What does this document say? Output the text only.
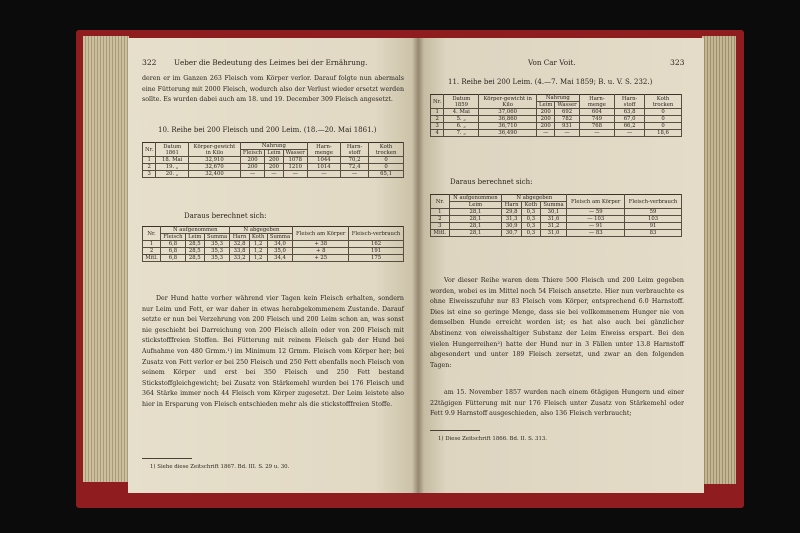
322 Ueber die Bedeutung des Leimes bei der Ernährung.

deren er im Ganzen 263 Fleisch vom Körper verlor. Darauf folgte nun abermals eine Fütterung mit 2000 Fleisch, wodurch also der Verlust wieder ersetzt werden sollte. Es wurden dabei auch am 18. und 19. December 309 Fleisch angesetzt.

10. Reihe bei 200 Fleisch und 200 Leim. (18.—20. Mai 1861.)

Nr.	Datum 1861	Körper-gewicht in Kilo	Nahrung			Harn-menge	Harn-stoff	Koth trocken
			Fleisch	Leim	Wasser			
1	18. Mai	32,910	200	200	1078	1044	70,2	0
2	19. „	32,670	200	200	1210	1014	72,4	0
3	20. „	32,400	—	—	—	—	—	65,1

Daraus berechnet sich:

Nr.	N aufgenommen			N abgegeben			Fleisch am Körper	Fleisch-verbrauch
	Fleisch	Leim	Summa	Harn	Koth	Summa		
1	6,8	28,5	35,3	32,8	1,2	34,0	+ 38	162
2	6,8	28,5	35,3	33,8	1,2	35,0	+ 8	191
Mitl.	6,8	28,5	35,3	33,2	1,2	34,4	+ 25	175

Der Hund hatte vorher während vier Tagen kein Fleisch erhalten, sondern nur Leim und Fett, er war daher in etwas herabgekommenem Zustande. Darauf setzte er nun bei Verzehrung von 200 Fleisch und 200 Leim schon an, was sonst nie geschieht bei Darreichung von 200 Fleisch allein oder von 200 Fleisch mit stickstofffreien Stoffen. Bei Fütterung mit reinem Fleisch gab der Hund bei Aufnahme von 480 Grmm.¹) im Minimum 12 Grmm. Fleisch vom Körper her; bei Zusatz von Fett verlor er bei 250 Fleisch und 250 Fett ebenfalls noch Fleisch von seinem Körper und erst bei 350 Fleisch und 250 Fett bestand Stickstoffgleichgewicht; bei Zusatz von Stärkemehl wurden bei 176 Fleisch und 364 Stärke immer noch 44 Fleisch vom Körper zugesetzt. Der Leim leistete also hier in Ersparung von Fleisch entschieden mehr als die stickstofffreien Stoffe.

1) Siehe diese Zeitschrift 1867. Bd. III. S. 29 u. 30.

Von Car Voit.	323

11. Reihe bei 200 Leim. (4.—7. Mai 1859; B. u. V. S. 232.)

Nr.	Datum 1859	Körper-gewicht in Kilo	Nahrung		Harn-menge	Harn-stoff	Koth trocken
			Leim	Wasser			
1	4. Mai	37,060	200	692	604	63,8	0
2	5. „	36,860	200	782	749	67,0	0
3	6. „	36,710	200	931	768	66,2	0
4	7. „	36,490	—	—	—	—	18,6

Daraus berechnet sich:

Nr.	N aufgenommen	N abgegeben			Fleisch am Körper	Fleisch-verbrauch
	Leim	Harn	Koth	Summa		
1	28,1	29,8	0,3	30,1	— 59	59
2	28,1	31,3	0,3	31,6	— 103	103
3	28,1	30,9	0,3	31,2	— 91	91
Mitl.	28,1	30,7	0,3	31,0	— 83	83

Vor dieser Reihe waren dem Thiere 500 Fleisch und 200 Leim gegeben worden, wobei es im Mittel noch 54 Fleisch ansetzte. Hier nun verbrauchte es ohne Eiweisszufuhr nur 83 Fleisch vom Körper, entsprechend 6.0 Harnstoff. Dies ist eine so geringe Menge, dass sie bei vollkommenem Hunger nie von demselben Hunde erreicht worden ist; es hat also auch bei gänzlicher Abstinenz von eiweisshaltiger Substanz der Leim Eiweiss erspart. Bei den vielen Hungerreihen²) hatte der Hund nur in 3 Fällen unter 13.8 Harnstoff abgesondert und unter 189 Fleisch zersetzt, und zwar an den folgenden Tagen:

am 15. November 1857 wurden nach einem 6tägigen Hungern und einer 22tägigen Fütterung mit nur 176 Fleisch unter Zusatz von Stärkemehl oder Fett 9.9 Harnstoff ausgeschieden, also 136 Fleisch verbraucht;

1) Diese Zeitschrift 1866. Bd. II. S. 313.
